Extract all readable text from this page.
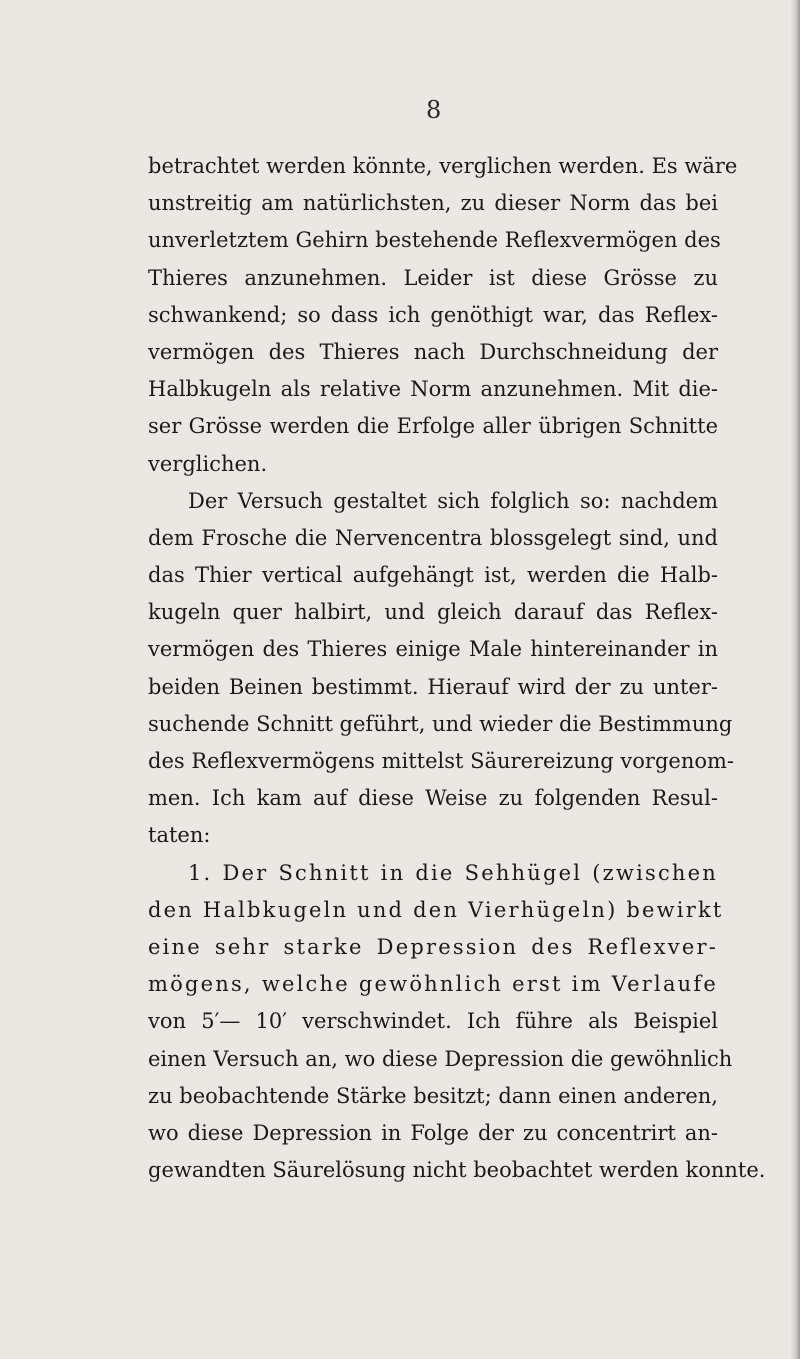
8
betrachtet werden könnte, verglichen werden. Es wäre
unstreitig am natürlichsten, zu dieser Norm das bei
unverletztem Gehirn bestehende Reflexvermögen des
Thieres anzunehmen. Leider ist diese Grösse zu
schwankend; so dass ich genöthigt war, das Reflex-
vermögen des Thieres nach Durchschneidung der
Halbkugeln als relative Norm anzunehmen. Mit die-
ser Grösse werden die Erfolge aller übrigen Schnitte
verglichen.
Der Versuch gestaltet sich folglich so: nachdem
dem Frosche die Nervencentra blossgelegt sind, und
das Thier vertical aufgehängt ist, werden die Halb-
kugeln quer halbirt, und gleich darauf das Reflex-
vermögen des Thieres einige Male hintereinander in
beiden Beinen bestimmt. Hierauf wird der zu unter-
suchende Schnitt geführt, und wieder die Bestimmung
des Reflexvermögens mittelst Säurereizung vorgenom-
men. Ich kam auf diese Weise zu folgenden Resul-
taten:
1. Der Schnitt in die Sehhügel (zwischen
den Halbkugeln und den Vierhügeln) bewirkt
eine sehr starke Depression des Reflexver-
mögens, welche gewöhnlich erst im Verlaufe
von 5′— 10′ verschwindet. Ich führe als Beispiel
einen Versuch an, wo diese Depression die gewöhnlich
zu beobachtende Stärke besitzt; dann einen anderen,
wo diese Depression in Folge der zu concentrirt an-
gewandten Säurelösung nicht beobachtet werden konnte.
